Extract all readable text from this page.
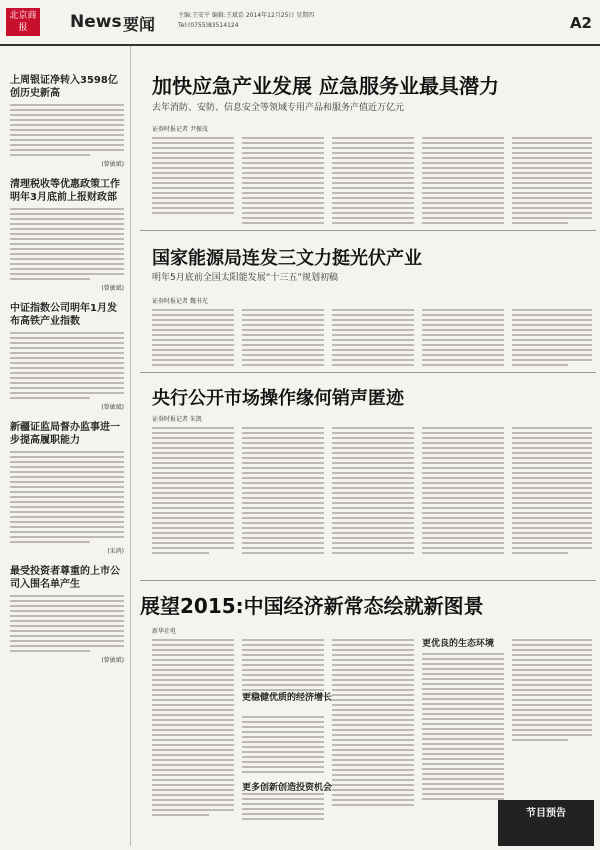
北京商报	News 要闻	主编:王安平 编辑:王斌诰 2014年12月25日 星期四
Tel:(0755)83514124	A2
上周银证净转入3598亿 创历史新高
(曾敏斌)
清理税收等优惠政策工作明年3月底前上报财政部
(曾敏斌)
中证指数公司明年1月发布高铁产业指数
(曾敏斌)
新疆证监局督办监事进一步提高履职能力
(宋鸿)
最受投资者尊重的上市公司入围名单产生
(曾敏斌)
加快应急产业发展 应急服务业最具潜力
去年消防、安防、信息安全等领域专用产品和服务产值近万亿元
证券时报记者 尹振茂
国家能源局连发三文力挺光伏产业
明年5月底前全国太阳能发展“十三五”规划初稿
证券时报记者 魏书光
央行公开市场操作缘何销声匿迹
证券时报记者 朱凯
展望2015:中国经济新常态绘就新图景
新华社电
更稳健优质的经济增长
更优良的生态环境
更多创新创造投资机会
节目预告
